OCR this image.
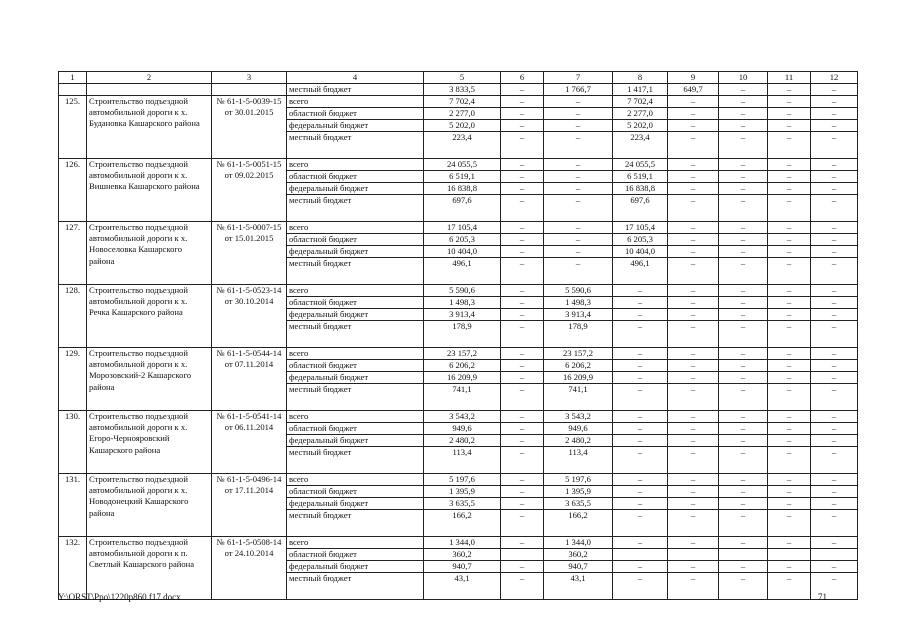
1	2	3	4	5	6	7	8	9	10	11	12
			местный бюджет	3 833,5	–	1 766,7	1 417,1	649,7	–	–	–
125.	Строительство подъездной автомобильной дороги к х. Будановка Кашарского района	№ 61-1-5-0039-15 от 30.01.2015	всего	7 702,4	–	–	7 702,4	–	–	–	–
			областной бюджет	2 277,0	–	–	2 277,0	–	–	–	–
			федеральный бюджет	5 202,0	–	–	5 202,0	–	–	–	–
			местный бюджет	223,4	–	–	223,4	–	–	–	–
126.	Строительство подъездной автомобильной дороги к х. Вишневка Кашарского района	№ 61-1-5-0051-15 от 09.02.2015	всего	24 055,5	–	–	24 055,5	–	–	–	–
			областной бюджет	6 519,1	–	–	6 519,1	–	–	–	–
			федеральный бюджет	16 838,8	–	–	16 838,8	–	–	–	–
			местный бюджет	697,6	–	–	697,6	–	–	–	–
127.	Строительство подъездной автомобильной дороги к х. Новоселовка Кашарского района	№ 61-1-5-0007-15 от 15.01.2015	всего	17 105,4	–	–	17 105,4	–	–	–	–
			областной бюджет	6 205,3	–	–	6 205,3	–	–	–	–
			федеральный бюджет	10 404,0	–	–	10 404,0	–	–	–	–
			местный бюджет	496,1	–	–	496,1	–	–	–	–
128.	Строительство подъездной автомобильной дороги к х. Речка Кашарского района	№ 61-1-5-0523-14 от 30.10.2014	всего	5 590,6	–	5 590,6	–	–	–	–	–
			областной бюджет	1 498,3	–	1 498,3	–	–	–	–	–
			федеральный бюджет	3 913,4	–	3 913,4	–	–	–	–	–
			местный бюджет	178,9	–	178,9	–	–	–	–	–
129.	Строительство подъездной автомобильной дороги к х. Морозовский-2 Кашарского района	№ 61-1-5-0544-14 от 07.11.2014	всего	23 157,2	–	23 157,2	–	–	–	–	–
			областной бюджет	6 206,2	–	6 206,2	–	–	–	–	–
			федеральный бюджет	16 209,9	–	16 209,9	–	–	–	–	–
			местный бюджет	741,1	–	741,1	–	–	–	–	–
130.	Строительство подъездной автомобильной дороги к х. Егоро-Чернояровский Кашарского района	№ 61-1-5-0541-14 от 06.11.2014	всего	3 543,2	–	3 543,2	–	–	–	–	–
			областной бюджет	949,6	–	949,6	–	–	–	–	–
			федеральный бюджет	2 480,2	–	2 480,2	–	–	–	–	–
			местный бюджет	113,4	–	113,4	–	–	–	–	–
131.	Строительство подъездной автомобильной дороги к х. Новодонецкий Кашарского района	№ 61-1-5-0496-14 от 17.11.2014	всего	5 197,6	–	5 197,6	–	–	–	–	–
			областной бюджет	1 395,9	–	1 395,9	–	–	–	–	–
			федеральный бюджет	3 635,5	–	3 635,5	–	–	–	–	–
			местный бюджет	166,2	–	166,2	–	–	–	–	–
132.	Строительство подъездной автомобильной дороги к п. Светлый Кашарского района	№ 61-1-5-0508-14 от 24.10.2014	всего	1 344,0	–	1 344,0	–	–	–	–	–
			областной бюджет	360,2		360,2					
			федеральный бюджет	940,7	–	940,7	–	–	–	–	–
			местный бюджет	43,1	–	43,1	–	–	–	–	–
Y:\ORST\Ppo\1220p860.f17.docx	71
